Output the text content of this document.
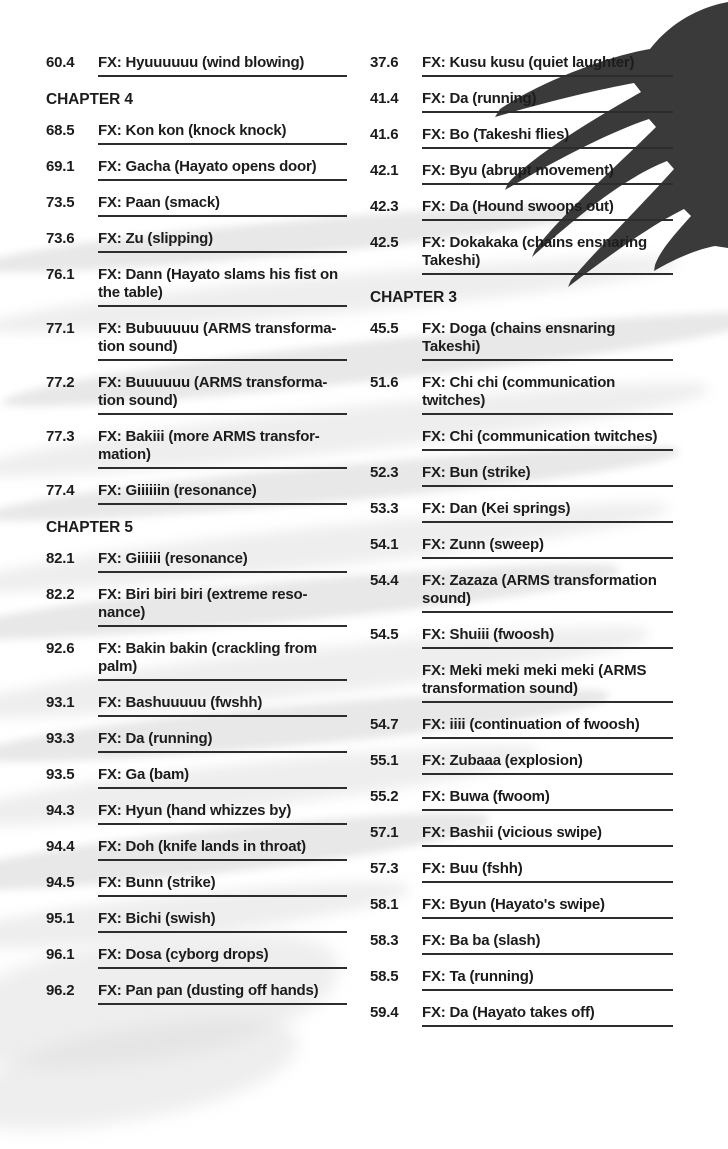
60.4	FX: Hyuuuuuu (wind blowing)
CHAPTER 4
68.5	FX: Kon kon (knock knock)
69.1	FX: Gacha (Hayato opens door)
73.5	FX: Paan (smack)
73.6	FX: Zu (slipping)
76.1	FX: Dann (Hayato slams his fist on
the table)
77.1	FX: Bubuuuuu (ARMS transforma-
tion sound)
77.2	FX: Buuuuuu (ARMS transforma-
tion sound)
77.3	FX: Bakiii (more ARMS transfor-
mation)
77.4	FX: Giiiiiin (resonance)
CHAPTER 5
82.1	FX: Giiiiii (resonance)
82.2	FX: Biri biri biri (extreme reso-
nance)
92.6	FX: Bakin bakin (crackling from
palm)
93.1	FX: Bashuuuuu (fwshh)
93.3	FX: Da (running)
93.5	FX: Ga (bam)
94.3	FX: Hyun (hand whizzes by)
94.4	FX: Doh (knife lands in throat)
94.5	FX: Bunn (strike)
95.1	FX: Bichi (swish)
96.1	FX: Dosa (cyborg drops)
96.2	FX: Pan pan (dusting off hands)
37.6	FX: Kusu kusu (quiet laughter)
41.4	FX: Da (running)
41.6	FX: Bo (Takeshi flies)
42.1	FX: Byu (abrupt movement)
42.3	FX: Da (Hound swoops out)
42.5	FX: Dokakaka (chains ensnaring
Takeshi)
CHAPTER 3
45.5	FX: Doga (chains ensnaring
Takeshi)
51.6	FX: Chi chi (communication
twitches)
FX: Chi (communication twitches)
52.3	FX: Bun (strike)
53.3	FX: Dan (Kei springs)
54.1	FX: Zunn (sweep)
54.4	FX: Zazaza (ARMS transformation
sound)
54.5	FX: Shuiii (fwoosh)
FX: Meki meki meki meki (ARMS
transformation sound)
54.7	FX: iiii (continuation of fwoosh)
55.1	FX: Zubaaa (explosion)
55.2	FX: Buwa (fwoom)
57.1	FX: Bashii (vicious swipe)
57.3	FX: Buu (fshh)
58.1	FX: Byun (Hayato's swipe)
58.3	FX: Ba ba (slash)
58.5	FX: Ta (running)
59.4	FX: Da (Hayato takes off)
